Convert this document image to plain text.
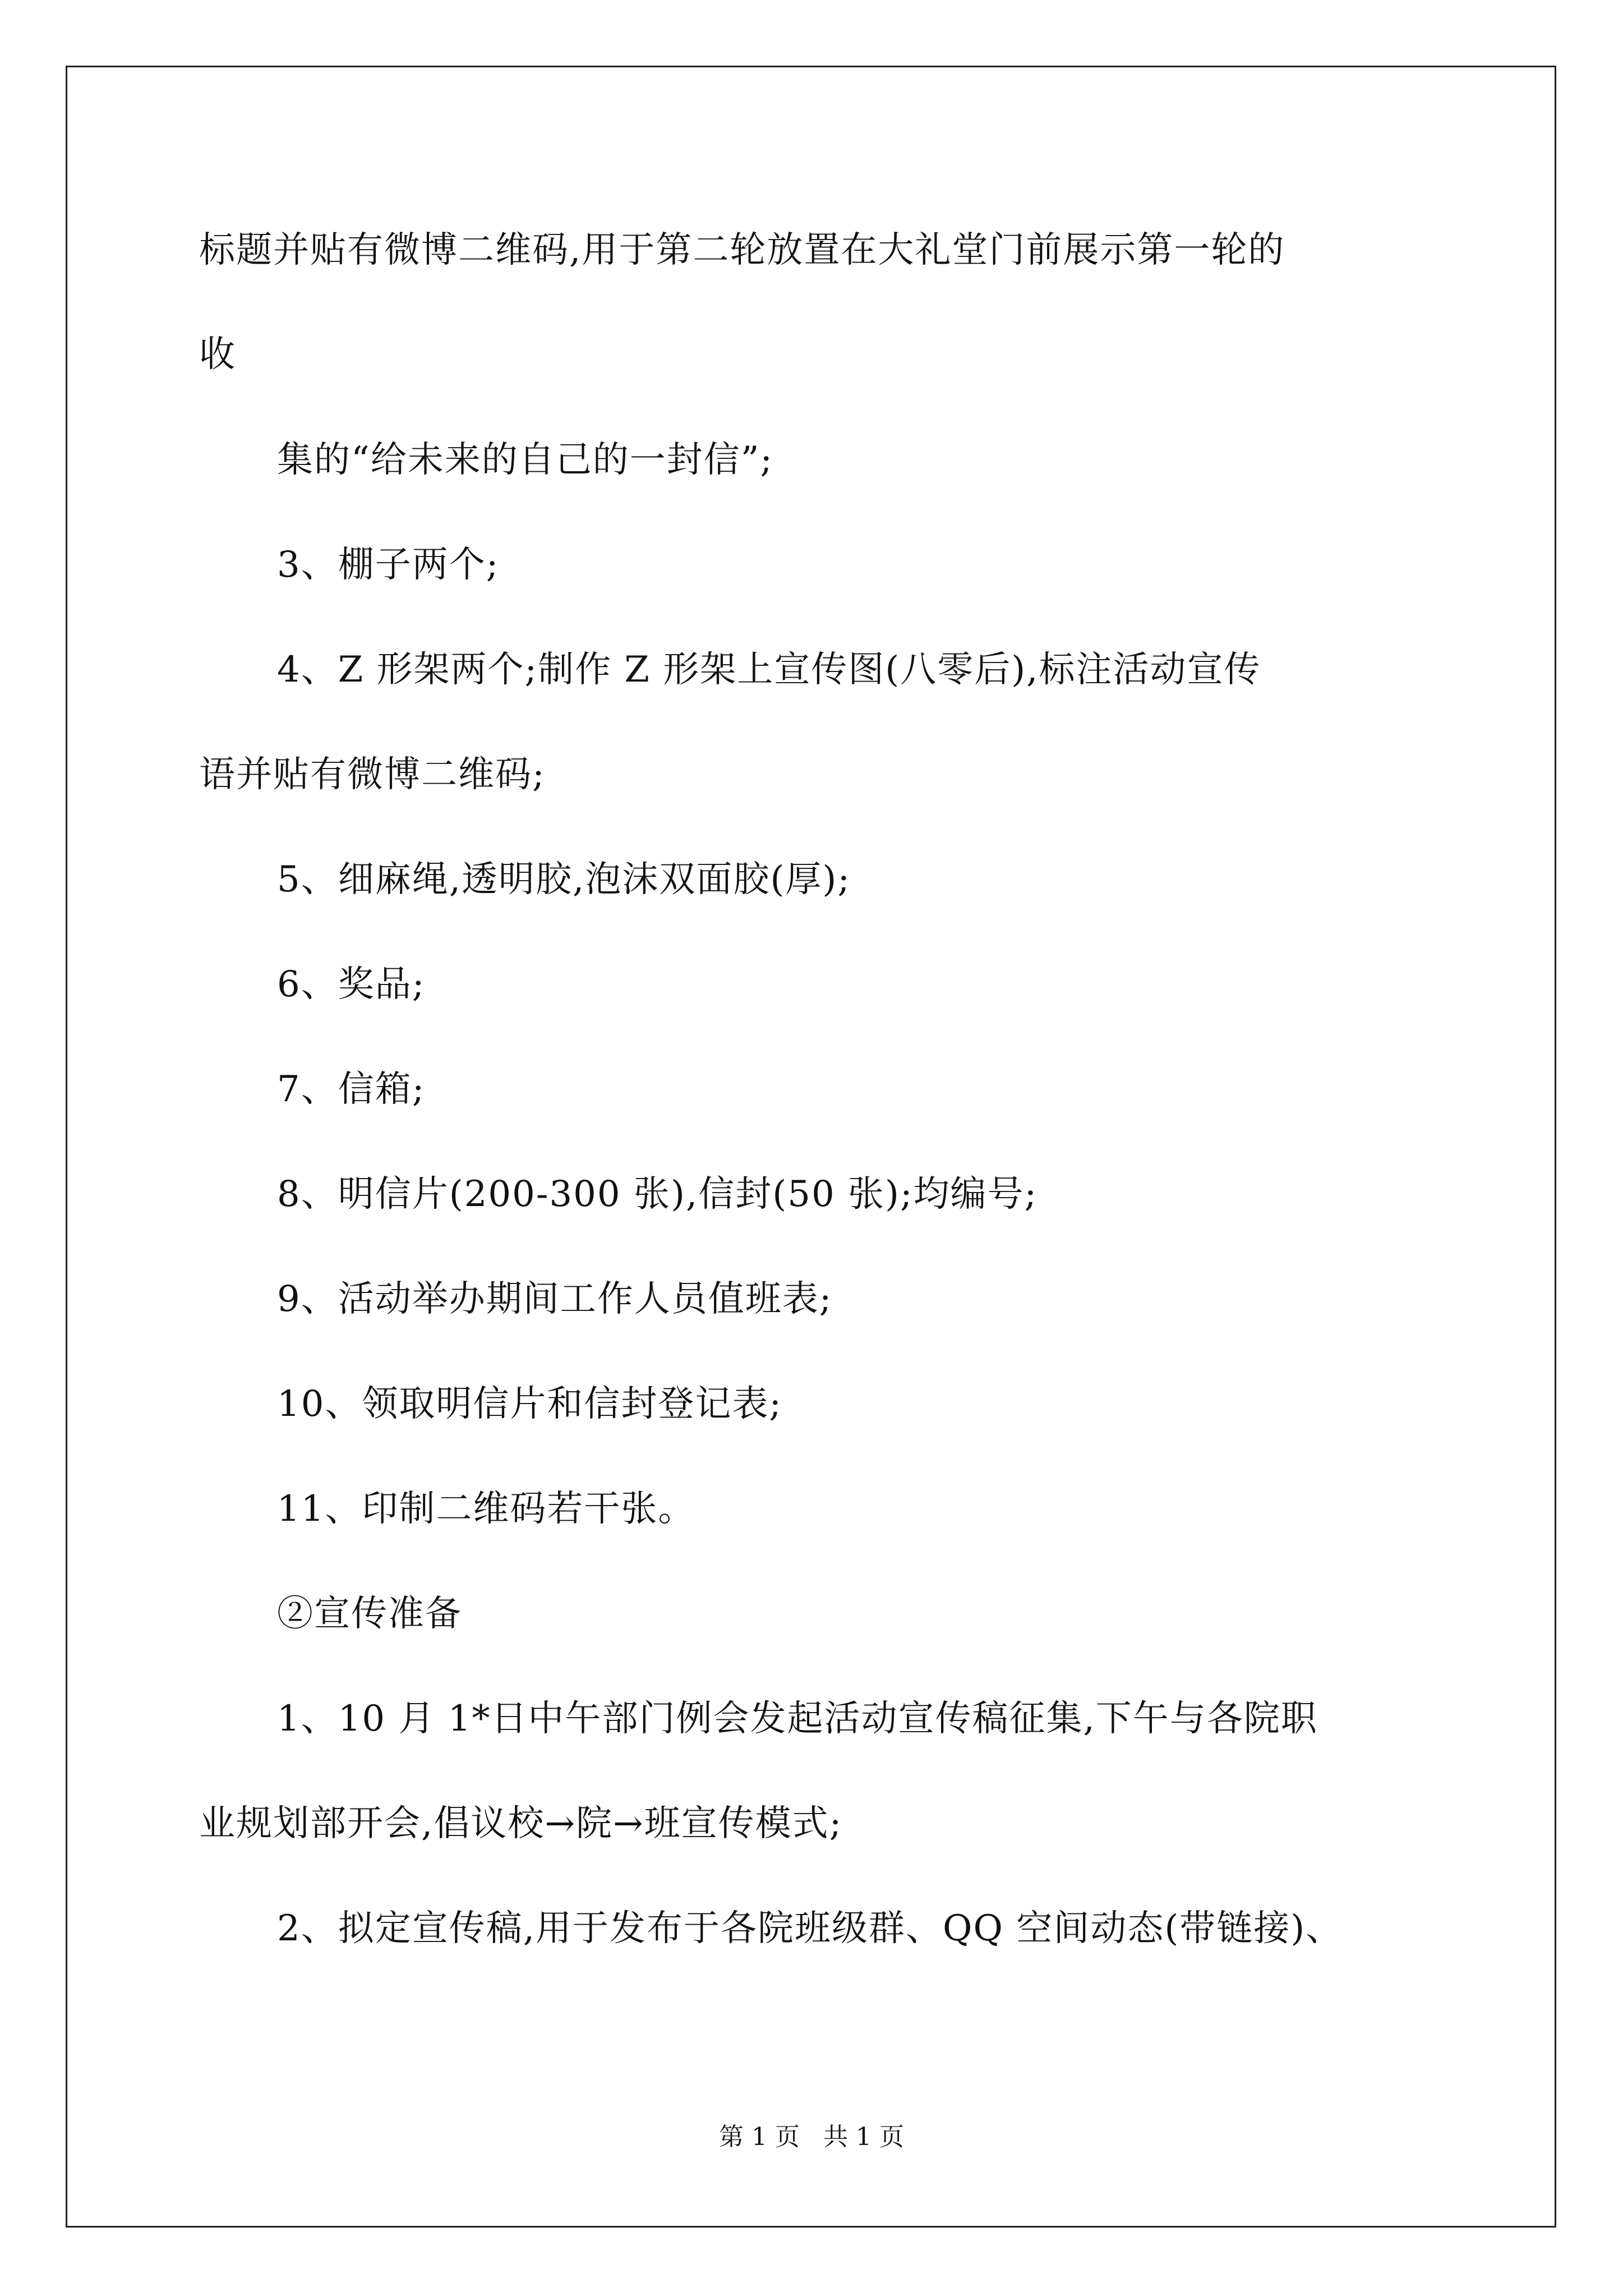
标题并贴有微博二维码,用于第二轮放置在大礼堂门前展示第一轮的
收
集的“给未来的自己的一封信”;
3、棚子两个;
4、Z 形架两个;制作 Z 形架上宣传图(八零后),标注活动宣传
语并贴有微博二维码;
5、细麻绳,透明胶,泡沫双面胶(厚);
6、奖品;
7、信箱;
8、明信片(200-300 张),信封(50 张);均编号;
9、活动举办期间工作人员值班表;
10、领取明信片和信封登记表;
11、印制二维码若干张。
②宣传准备
1、10 月 1*日中午部门例会发起活动宣传稿征集,下午与各院职
业规划部开会,倡议校→院→班宣传模式;
2、拟定宣传稿,用于发布于各院班级群、QQ 空间动态(带链接)、
第 1 页   共 1 页
